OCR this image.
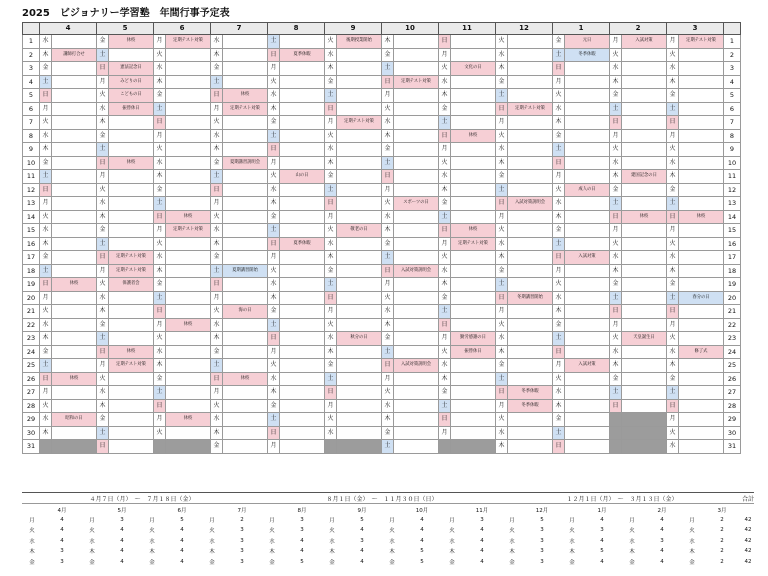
2025　ビジョナリー学習塾　年間行事予定表
	4		5		6		7		8		9		10		11		12		1		2		3		
1	水		金	休校	月	定期テスト対策	水		土		火	後期授業開始	木		日		火		金	元日	月	入試対策	月	定期テスト対策	1
2	木	講師打合せ	土		火		木		日	夏季休暇	水		金		月		水		土	冬季休暇	火		火		2
3	金		日	憲法記念日	水		金		月		木		土		火	文化の日	木		日		水		水		3
4	土		月	みどりの日	木		土		火		金		日	定期テスト対策	水		金		月		木		木		4
5	日		火	こどもの日	金		日	休校	水		土		月		木		土		火		金		金		5
6	月		水	振替休日	土		月	定期テスト対策	木		日		火		金		日	定期テスト対策	水		土		土		6
7	火		木		日		火		金		月	定期テスト対策	水		土		月		木		日		日		7
8	水		金		月		水		土		火		木		日	休校	火		金		月		月		8
9	木		土		火		木		日		水		金		月		水		土		火		火		9
10	金		日	休校	水		金	夏期講習説明会	月		木		土		火		木		日		水		水		10
11	土		月		木		土		火	山の日	金		日		水		金		月		木	建国記念の日	木		11
12	日		火		金		日		水		土		月		木		土		火	成人の日	金		金		12
13	月		水		土		月		木		日		火	スポーツの日	金		日	入試対策説明会	水		土		土		13
14	火		木		日	休校	火		金		月		水		土		月		木		日	休校	日	休校	14
15	水		金		月	定期テスト対策	水		土		火	敬老の日	木		日	休校	火		金		月		月		15
16	木		土		火		木		日	夏季休暇	水		金		月	定期テスト対策	水		土		火		火		16
17	金		日	定期テスト対策	水		金		月		木		土		火		木		日	入試対策	水		水		17
18	土		月	定期テスト対策	木		土	夏期講習開始	火		金		日	入試対策説明会	水		金		月		木		木		18
19	日	休校	火	保護者会	金		日		水		土		月		木		土		火		金		金		19
20	月		水		土		月		木		日		火		金		日	冬期講習開始	水		土		土	春分の日	20
21	火		木		日		火	海の日	金		月		水		土		月		木		日		日		21
22	水		金		月	休校	水		土		火		木		日		火		金		月		月		22
23	木		土		火		木		日		水	秋分の日	金		月	勤労感謝の日	水		土		火	天皇誕生日	火		23
24	金		日	休校	水		金		月		木		土		火	振替休日	木		日		水		水	修了式	24
25	土		月	定期テスト対策	木		土		火		金		日	入試対策説明会	水		金		月	入試対策	木		木		25
26	日	休校	火		金		日	休校	水		土		月		木		土		火		金		金		26
27	月		水		土		月		木		日		火		金		日	冬季休暇	水		土		土		27
28	火		木		日		火		金		月		水		土		月	冬季休暇	木		日		日		28
29	水	昭和の日	金		月	休校	水		土		火		木		日		火		金				月		29
30	木		土		火		木		日		水		金		月		水		土				火		30
31			日				金		月				土				木		日				水		31
４月７日（月）　〜　７月１８日（金）								８月１日（金）　〜　１１月３０日（日）								１２月１日（月）　〜　３月１３日（金）								合計
	4月		5月		6月		7月		8月		9月		10月		11月		12月		1月		2月		3月	
月	4	月	3	月	5	月	2	月	3	月	5	月	4	月	3	月	5	月	4	月	4	月	2	42
火	4	火	4	火	4	火	3	火	3	火	4	火	4	火	4	火	3	火	3	火	4	火	2	42
水	4	水	4	水	4	水	3	水	4	水	3	水	4	水	4	水	3	水	4	水	3	水	2	42
木	3	木	4	木	4	木	3	木	4	木	4	木	5	木	4	木	3	木	5	木	4	木	2	42
金	3	金	4	金	4	金	3	金	5	金	4	金	5	金	4	金	3	金	4	金	4	金	2	42
